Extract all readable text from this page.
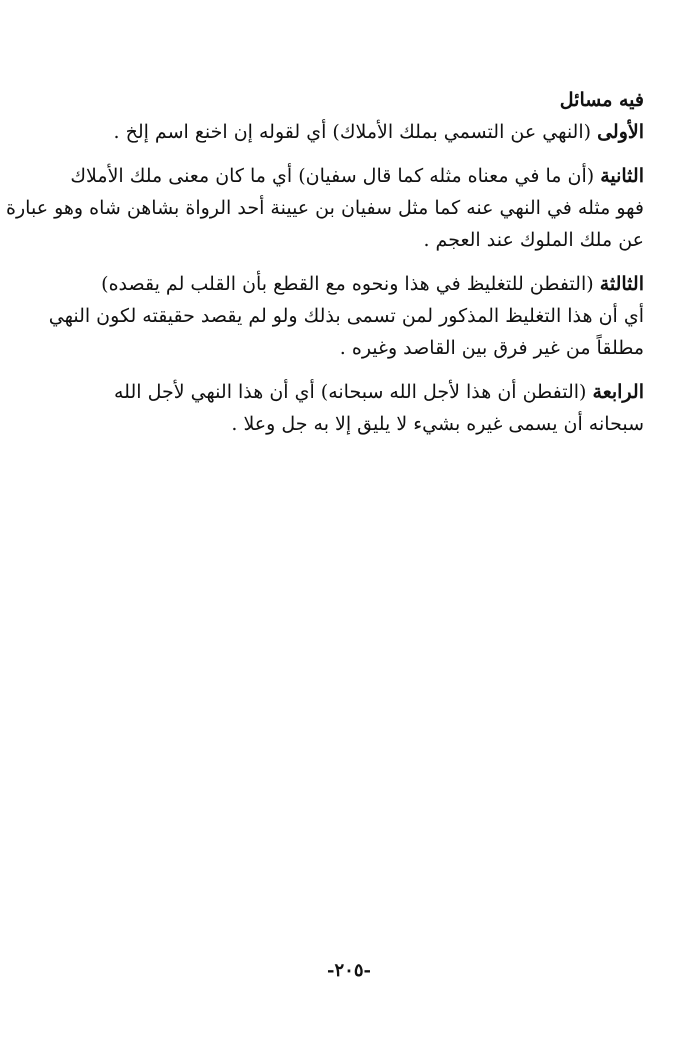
فيه مسائل
الأولى (النهي عن التسمي بملك الأملاك) أي لقوله إن اخنع اسم إلخ .
الثانية (أن ما في معناه مثله كما قال سفيان) أي ما كان معنى ملك الأملاك
فهو مثله في النهي عنه كما مثل سفيان بن عيينة أحد الرواة بشاهن شاه وهو عبارة
عن ملك الملوك عند العجم .
الثالثة (التفطن للتغليظ في هذا ونحوه مع القطع بأن القلب لم يقصده)
أي أن هذا التغليظ المذكور لمن تسمى بذلك ولو لم يقصد حقيقته لكون النهي
مطلقاً من غير فرق بين القاصد وغيره .
الرابعة (التفطن أن هذا لأجل الله سبحانه) أي أن هذا النهي لأجل الله
سبحانه أن يسمى غيره بشيء لا يليق إلا به جل وعلا .
-٢٠٥-
